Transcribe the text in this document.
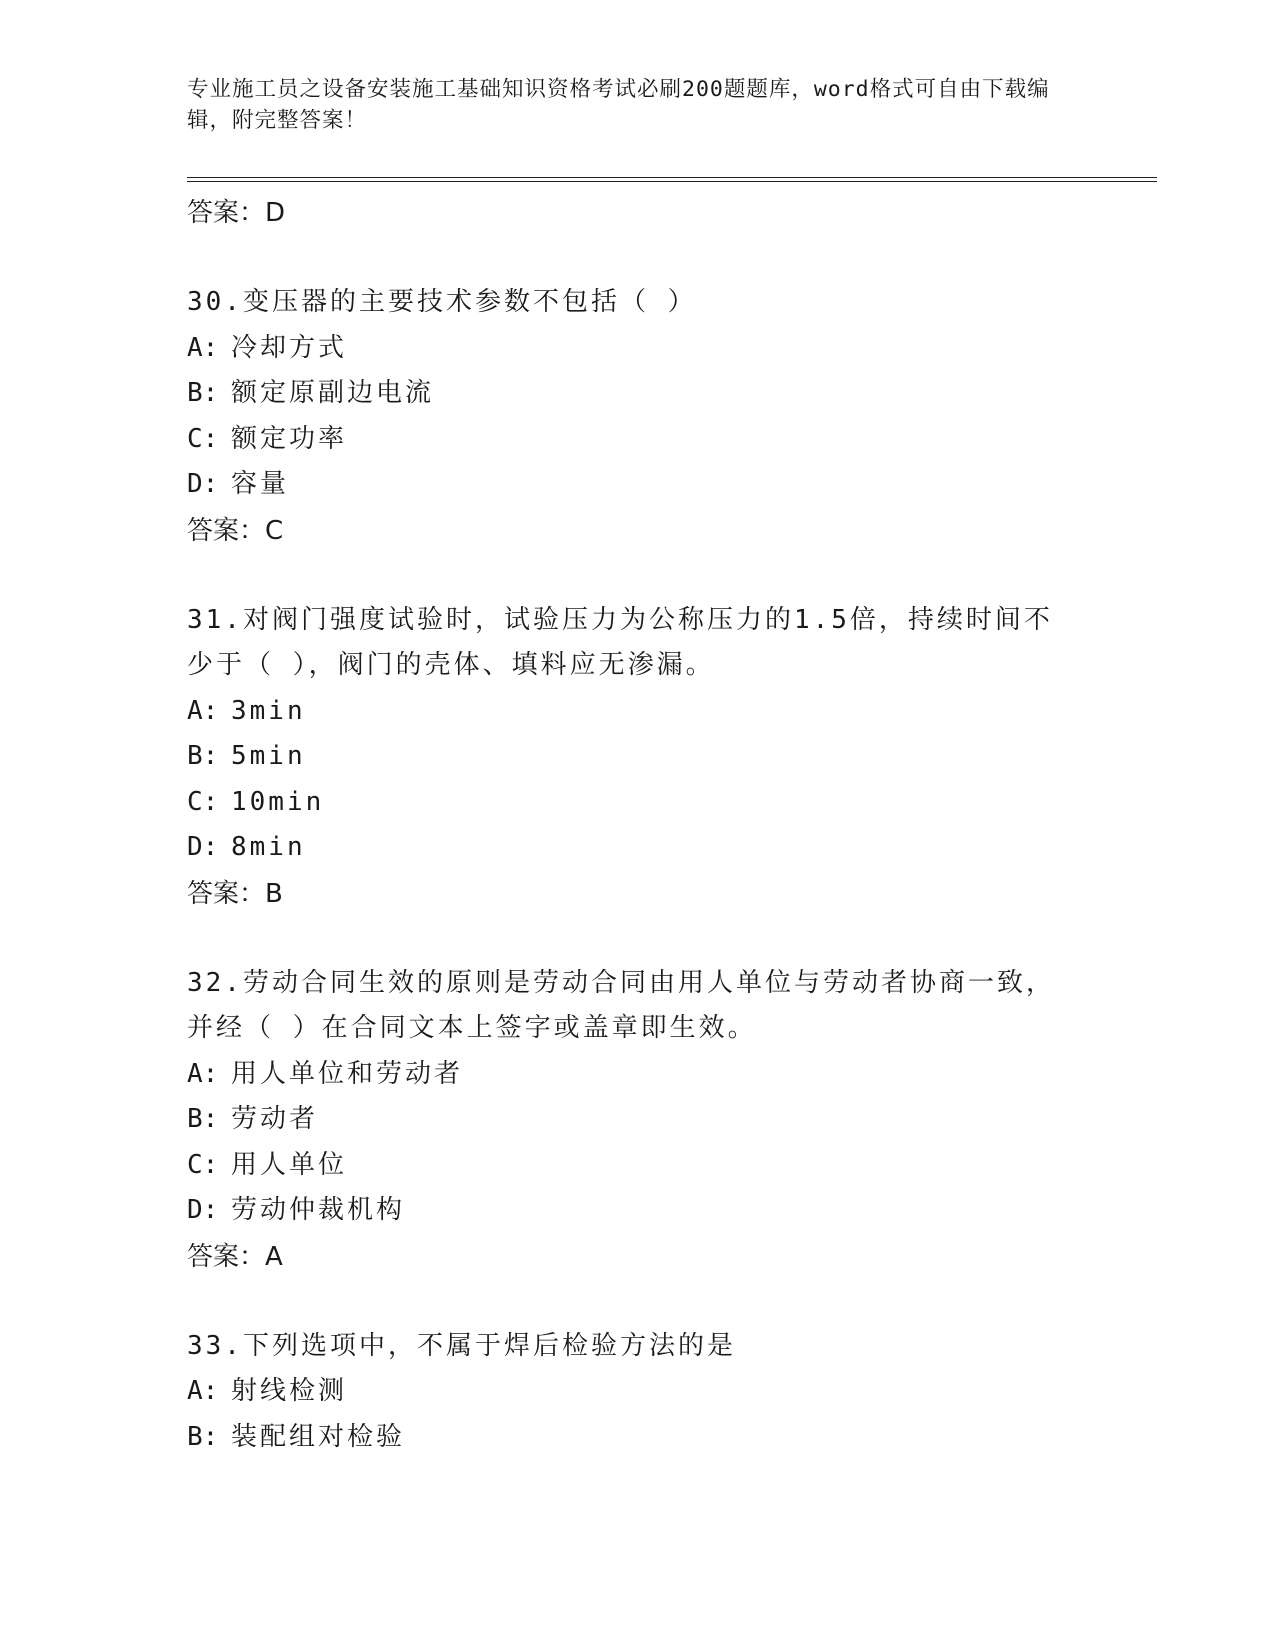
专业施工员之设备安装施工基础知识资格考试必刷200题题库，word格式可自由下载编辑，附完整答案！
答案：D
30.变压器的主要技术参数不包括（ ）
A: 冷却方式
B: 额定原副边电流
C: 额定功率
D: 容量
答案：C
31.对阀门强度试验时，试验压力为公称压力的1.5倍，持续时间不少于（ ），阀门的壳体、填料应无渗漏。
A: 3min
B: 5min
C: 10min
D: 8min
答案：B
32.劳动合同生效的原则是劳动合同由用人单位与劳动者协商一致，并经（ ）在合同文本上签字或盖章即生效。
A: 用人单位和劳动者
B: 劳动者
C: 用人单位
D: 劳动仲裁机构
答案：A
33.下列选项中，不属于焊后检验方法的是
A: 射线检测
B: 装配组对检验
